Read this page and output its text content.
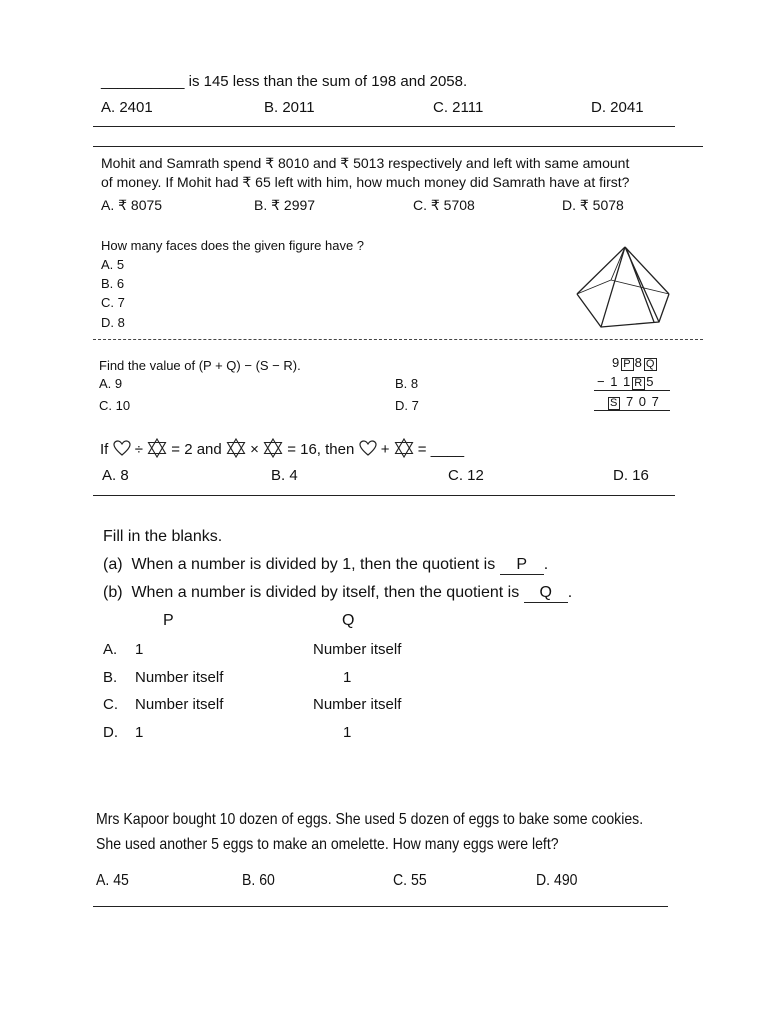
__________ is 145 less than the sum of 198 and 2058.
A. 2401	B. 2011	C. 2111	D. 2041
Mohit and Samrath spend ₹ 8010 and ₹ 5013 respectively and left with same amount
of money. If Mohit had ₹ 65 left with him, how much money did Samrath have at first?
A. ₹ 8075	B. ₹ 2997	C. ₹ 5708	D. ₹ 5078
How many faces does the given figure have ?
A. 5
B. 6
C. 7
D. 8
Find the value of (P + Q) − (S − R).
A. 9	B. 8
C. 10	D. 7
9 P 8 Q
− 1 1 R 5
S 7 0 7
If ÷ = 2 and × = 16, then + = ____
A. 8	B. 4	C. 12	D. 16
Fill in the blanks.
(a) When a number is divided by 1, then the quotient is P .
(b) When a number is divided by itself, then the quotient is Q .
P	Q
A. 1	Number itself
B. Number itself	1
C. Number itself	Number itself
D. 1	1
Mrs Kapoor bought 10 dozen of eggs. She used 5 dozen of eggs to bake some cookies.
She used another 5 eggs to make an omelette. How many eggs were left?
A. 45	B. 60	C. 55	D. 490
